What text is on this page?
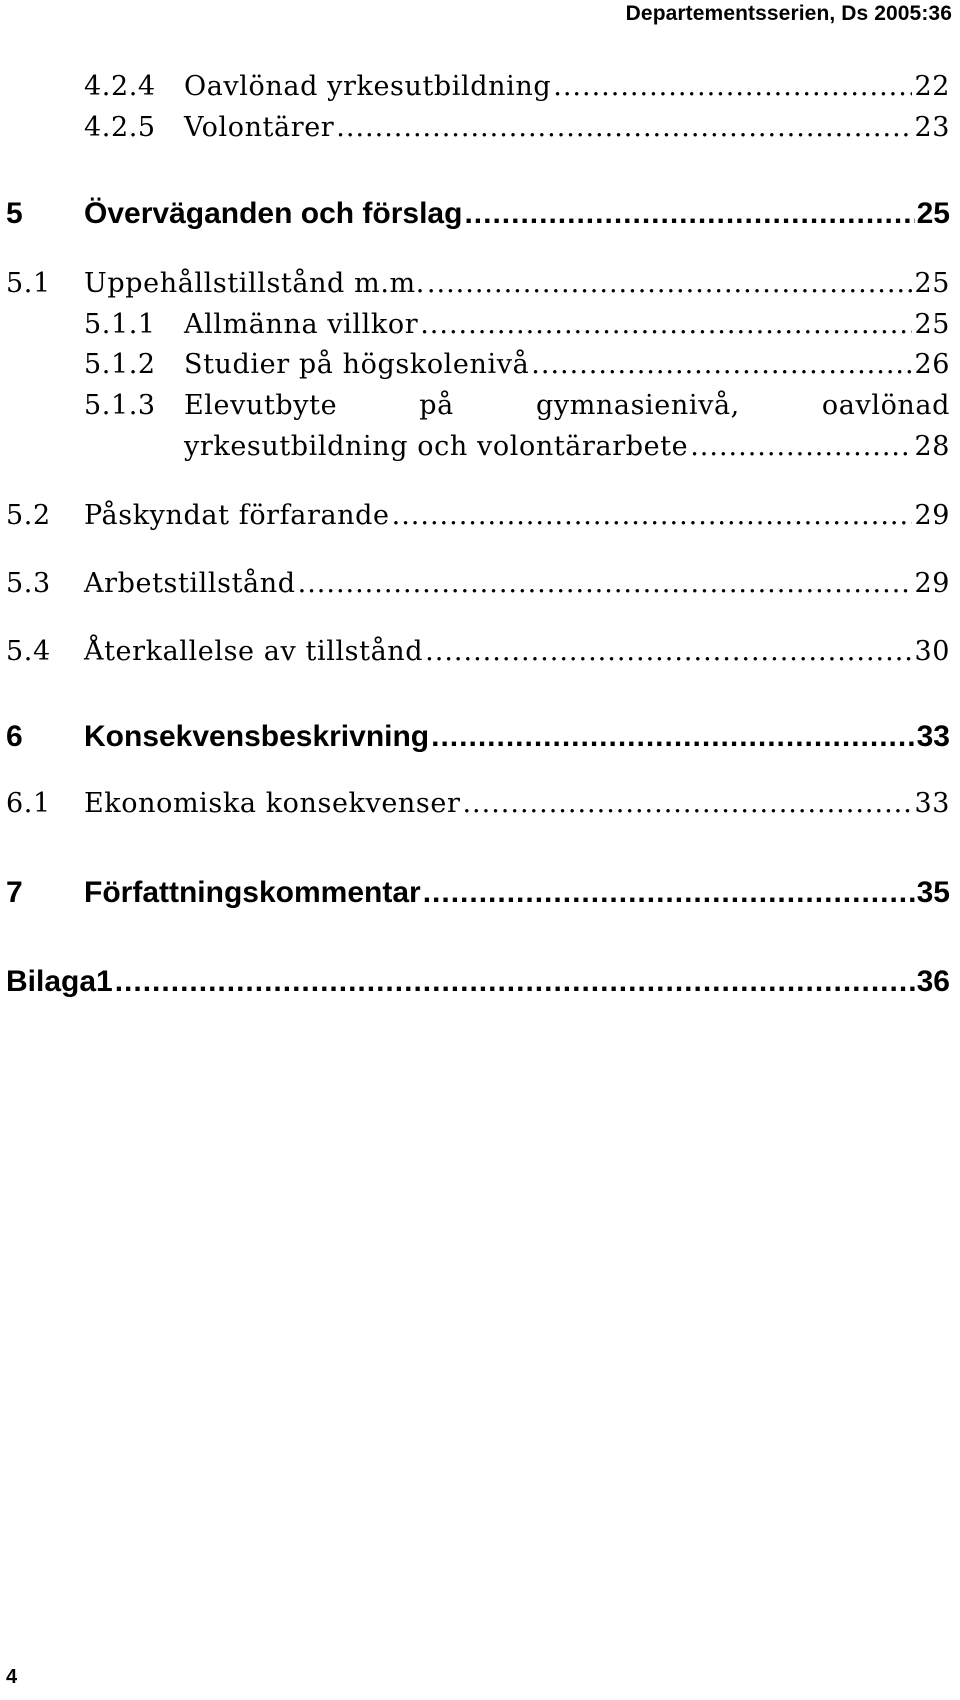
Departementsserien, Ds 2005:36
4.2.4	Oavlönad yrkesutbildning .....	22
4.2.5	Volontärer .....	23
5	Överväganden och förslag .....	25
5.1	Uppehållstillstånd m.m. .....	25
5.1.1	Allmänna villkor .....	25
5.1.2	Studier på högskolenivå .....	26
5.1.3	Elevutbyte	på	gymnasienivå,	oavlönad
yrkesutbildning och volontärarbete .....	28
5.2	Påskyndat förfarande .....	29
5.3	Arbetstillstånd .....	29
5.4	Återkallelse av tillstånd .....	30
6	Konsekvensbeskrivning .....	33
6.1	Ekonomiska konsekvenser .....	33
7	Författningskommentar .....	35
Bilaga1 .....	36
4
